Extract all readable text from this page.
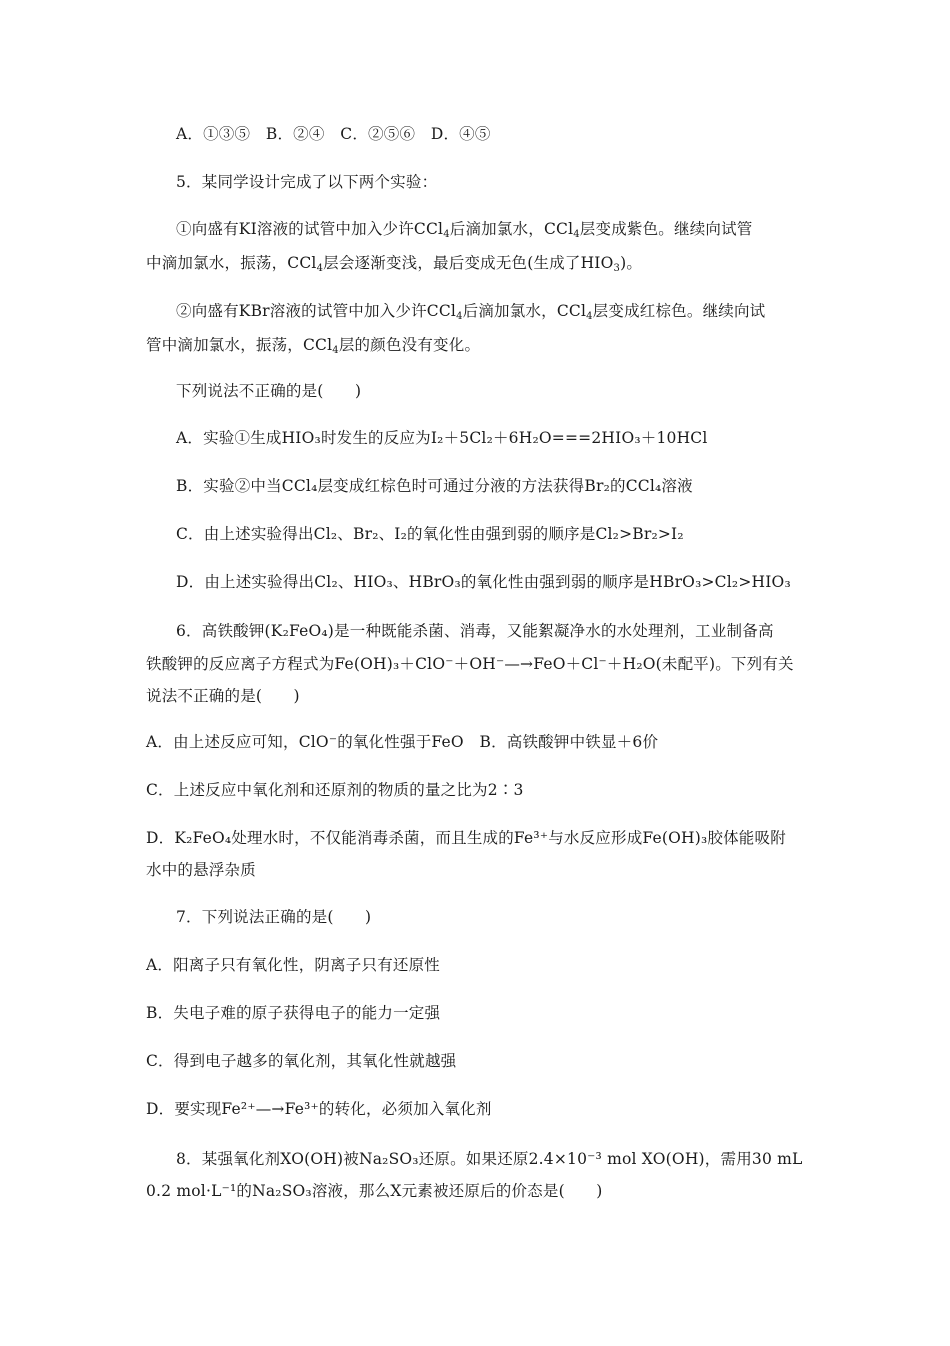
A．①③⑤　B．②④　C．②⑤⑥　D．④⑤
5．某同学设计完成了以下两个实验：
①向盛有KI溶液的试管中加入少许CCl$_4$后滴加氯水，CCl$_4$层变成紫色。继续向试管
中滴加氯水，振荡，CCl$_4$层会逐渐变浅，最后变成无色(生成了$HIO_3$)。
②向盛有KBr溶液的试管中加入少许CCl$_4$后滴加氯水，CCl$_4$层变成红棕色。继续向试
管中滴加氯水，振荡，CCl$_4$层的颜色没有变化。
下列说法不正确的是(　　)
A．实验①生成HIO₃时发生的反应为I₂＋5Cl₂＋6H₂O===2HIO₃＋10HCl
B．实验②中当CCl₄层变成红棕色时可通过分液的方法获得Br₂的CCl₄溶液
C．由上述实验得出Cl₂、Br₂、I₂的氧化性由强到弱的顺序是Cl₂>Br₂>I₂
D．由上述实验得出Cl₂、HIO₃、HBrO₃的氧化性由强到弱的顺序是HBrO₃>Cl₂>HIO₃
6．高铁酸钾(K₂FeO₄)是一种既能杀菌、消毒，又能絮凝净水的水处理剂，工业制备高
铁酸钾的反应离子方程式为Fe(OH)₃＋ClO⁻＋OH⁻—→FeO＋Cl⁻＋H₂O(未配平)。下列有关
说法不正确的是(　　)
A．由上述反应可知，ClO⁻的氧化性强于FeO　B．高铁酸钾中铁显＋6价
C．上述反应中氧化剂和还原剂的物质的量之比为2∶3
D．K₂FeO₄处理水时，不仅能消毒杀菌，而且生成的Fe³⁺与水反应形成Fe(OH)₃胶体能吸附
水中的悬浮杂质
7．下列说法正确的是(　　)
A．阳离子只有氧化性，阴离子只有还原性
B．失电子难的原子获得电子的能力一定强
C．得到电子越多的氧化剂，其氧化性就越强
D．要实现Fe²⁺—→Fe³⁺的转化，必须加入氧化剂
8．某强氧化剂XO(OH)被Na₂SO₃还原。如果还原2.4×10⁻³ mol XO(OH)，需用30 mL
0.2 mol·L⁻¹的Na₂SO₃溶液，那么X元素被还原后的价态是(　　)
